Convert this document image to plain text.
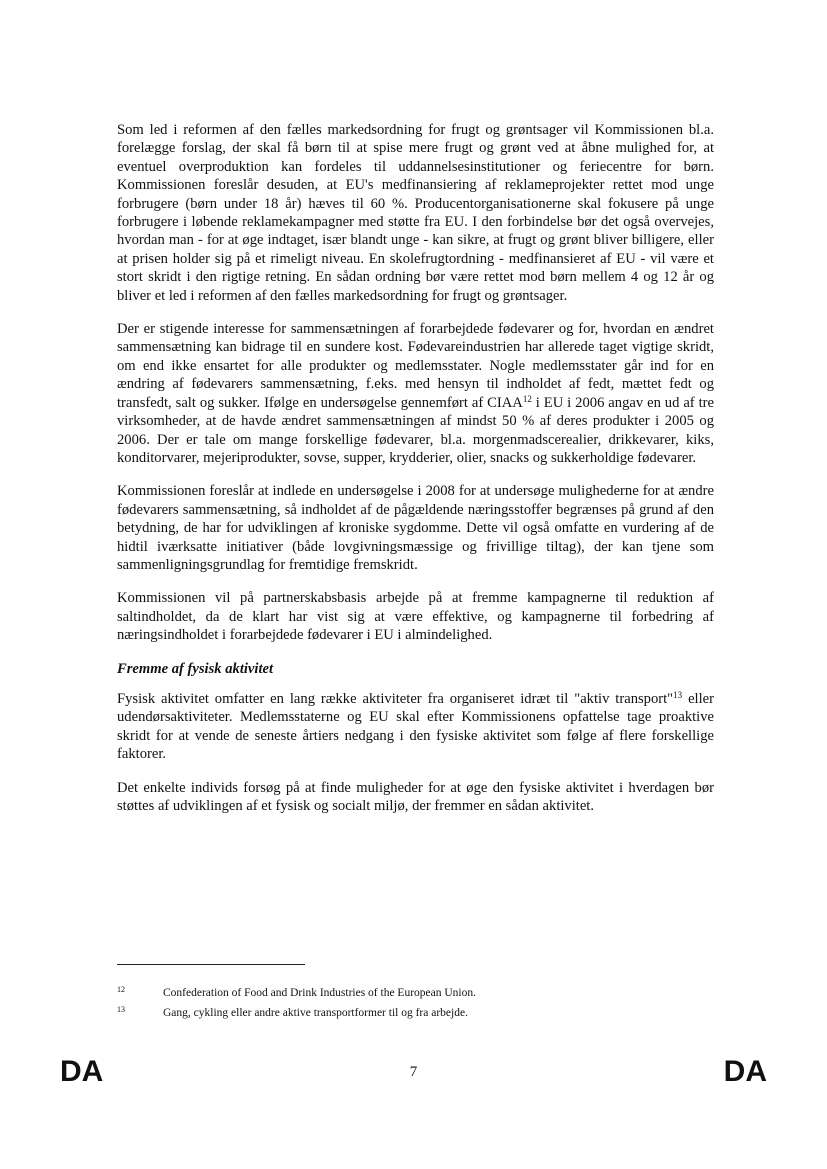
Som led i reformen af den fælles markedsordning for frugt og grøntsager vil Kommissionen bl.a. forelægge forslag, der skal få børn til at spise mere frugt og grønt ved at åbne mulighed for, at eventuel overproduktion kan fordeles til uddannelsesinstitutioner og feriecentre for børn. Kommissionen foreslår desuden, at EU's medfinansiering af reklameprojekter rettet mod unge forbrugere (børn under 18 år) hæves til 60 %. Producentorganisationerne skal fokusere på unge forbrugere i løbende reklamekampagner med støtte fra EU. I den forbindelse bør det også overvejes, hvordan man - for at øge indtaget, især blandt unge - kan sikre, at frugt og grønt bliver billigere, eller at prisen holder sig på et rimeligt niveau. En skolefrugtordning - medfinansieret af EU - vil være et stort skridt i den rigtige retning. En sådan ordning bør være rettet mod børn mellem 4 og 12 år og bliver et led i reformen af den fælles markedsordning for frugt og grøntsager.

Der er stigende interesse for sammensætningen af forarbejdede fødevarer og for, hvordan en ændret sammensætning kan bidrage til en sundere kost. Fødevareindustrien har allerede taget vigtige skridt, om end ikke ensartet for alle produkter og medlemsstater. Nogle medlemsstater går ind for en ændring af fødevarers sammensætning, f.eks. med hensyn til indholdet af fedt, mættet fedt og transfedt, salt og sukker. Ifølge en undersøgelse gennemført af CIAA$^{12}$ i EU i 2006 angav en ud af tre virksomheder, at de havde ændret sammensætningen af mindst 50 % af deres produkter i 2005 og 2006. Der er tale om mange forskellige fødevarer, bl.a. morgenmadscerealier, drikkevarer, kiks, konditorvarer, mejeriprodukter, sovse, supper, krydderier, olier, snacks og sukkerholdige fødevarer.

Kommissionen foreslår at indlede en undersøgelse i 2008 for at undersøge mulighederne for at ændre fødevarers sammensætning, så indholdet af de pågældende næringsstoffer begrænses på grund af den betydning, de har for udviklingen af kroniske sygdomme. Dette vil også omfatte en vurdering af de hidtil iværksatte initiativer (både lovgivningsmæssige og frivillige tiltag), der kan tjene som sammenligningsgrundlag for fremtidige fremskridt.

Kommissionen vil på partnerskabsbasis arbejde på at fremme kampagnerne til reduktion af saltindholdet, da de klart har vist sig at være effektive, og kampagnerne til forbedring af næringsindholdet i forarbejdede fødevarer i EU i almindelighed.

Fremme af fysisk aktivitet

Fysisk aktivitet omfatter en lang række aktiviteter fra organiseret idræt til "aktiv transport"$^{13}$ eller udendørsaktiviteter. Medlemsstaterne og EU skal efter Kommissionens opfattelse tage proaktive skridt for at vende de seneste årtiers nedgang i den fysiske aktivitet som følge af flere forskellige faktorer.

Det enkelte individs forsøg på at finde muligheder for at øge den fysiske aktivitet i hverdagen bør støttes af udviklingen af et fysisk og socialt miljø, der fremmer en sådan aktivitet.

12	Confederation of Food and Drink Industries of the European Union.
13	Gang, cykling eller andre aktive transportformer til og fra arbejde.
DA	7	DA
